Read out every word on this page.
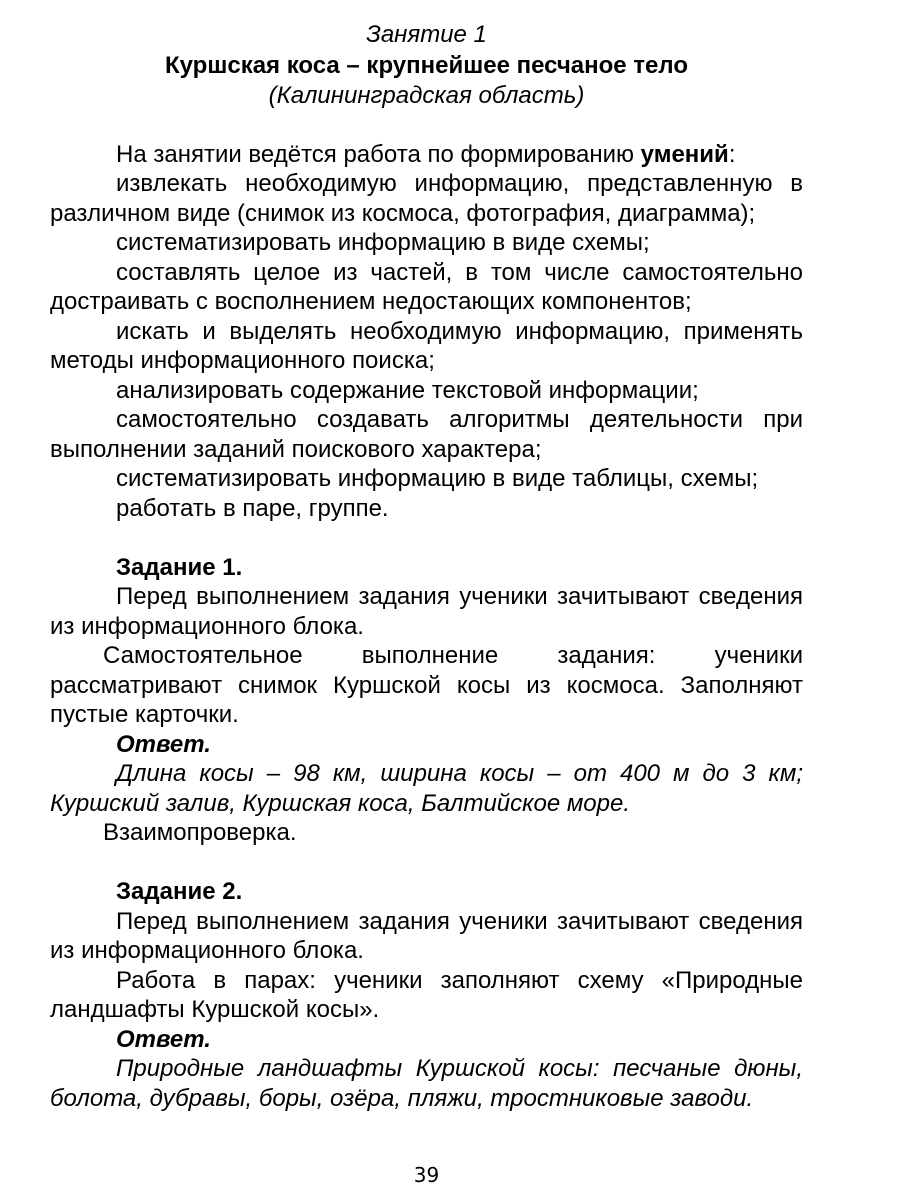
Занятие 1

Куршская коса – крупнейшее песчаное тело

(Калининградская область)

На занятии ведётся работа по формированию умений:

извлекать необходимую информацию, представленную в различном виде (снимок из космоса, фотография, диаграмма);

систематизировать информацию в виде схемы;

составлять целое из частей, в том числе самостоятельно достраивать с восполнением недостающих компонентов;

искать и выделять необходимую информацию, применять методы информационного поиска;

анализировать содержание текстовой информации;

самостоятельно создавать алгоритмы деятельности при выполнении заданий поискового характера;

систематизировать информацию в виде таблицы, схемы;

работать в паре, группе.

Задание 1.

Перед выполнением задания ученики зачитывают сведения из информационного блока.

Самостоятельное выполнение задания: ученики рассматривают снимок Куршской косы из космоса. Заполняют пустые карточки.

Ответ.

Длина косы – 98 км, ширина косы – от 400 м до 3 км; Куршский залив, Куршская коса, Балтийское море.

Взаимопроверка.

Задание 2.

Перед выполнением задания ученики зачитывают сведения из информационного блока.

Работа в парах: ученики заполняют схему «Природные ландшафты Куршской косы».

Ответ.

Природные ландшафты Куршской косы: песчаные дюны, болота, дубравы, боры, озёра, пляжи, тростниковые заводи.

39
